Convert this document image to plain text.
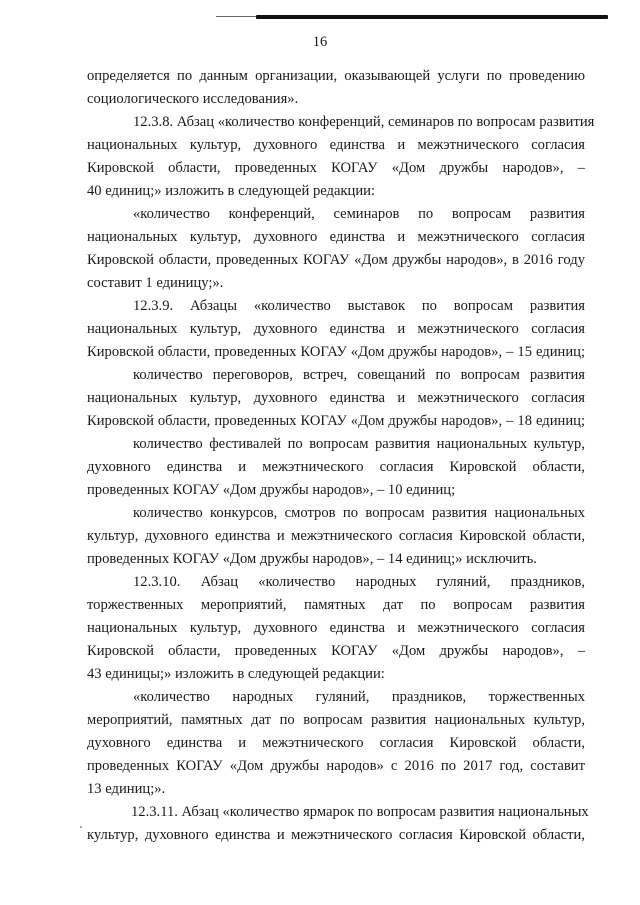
16
определяется по данным организации, оказывающей услуги по проведению
социологического исследования».
12.3.8. Абзац «количество конференций, семинаров по вопросам развития
национальных культур, духовного единства и межэтнического согласия
Кировской области, проведенных КОГАУ «Дом дружбы народов», –
40 единиц;» изложить в следующей редакции:
«количество конференций, семинаров по вопросам развития
национальных культур, духовного единства и межэтнического согласия
Кировской области, проведенных КОГАУ «Дом дружбы народов», в 2016 году
составит 1 единицу;».
12.3.9. Абзацы «количество выставок по вопросам развития
национальных культур, духовного единства и межэтнического согласия
Кировской области, проведенных КОГАУ «Дом дружбы народов», – 15 единиц;
количество переговоров, встреч, совещаний по вопросам развития
национальных культур, духовного единства и межэтнического согласия
Кировской области, проведенных КОГАУ «Дом дружбы народов», – 18 единиц;
количество фестивалей по вопросам развития национальных культур,
духовного единства и межэтнического согласия Кировской области,
проведенных КОГАУ «Дом дружбы народов», – 10 единиц;
количество конкурсов, смотров по вопросам развития национальных
культур, духовного единства и межэтнического согласия Кировской области,
проведенных КОГАУ «Дом дружбы народов», – 14 единиц;» исключить.
12.3.10. Абзац «количество народных гуляний, праздников,
торжественных мероприятий, памятных дат по вопросам развития
национальных культур, духовного единства и межэтнического согласия
Кировской области, проведенных КОГАУ «Дом дружбы народов», –
43 единицы;» изложить в следующей редакции:
«количество народных гуляний, праздников, торжественных
мероприятий, памятных дат по вопросам развития национальных культур,
духовного единства и межэтнического согласия Кировской области,
проведенных КОГАУ «Дом дружбы народов» с 2016 по 2017 год, составит
13 единиц;».
12.3.11. Абзац «количество ярмарок по вопросам развития национальных
культур, духовного единства и межэтнического согласия Кировской области,
